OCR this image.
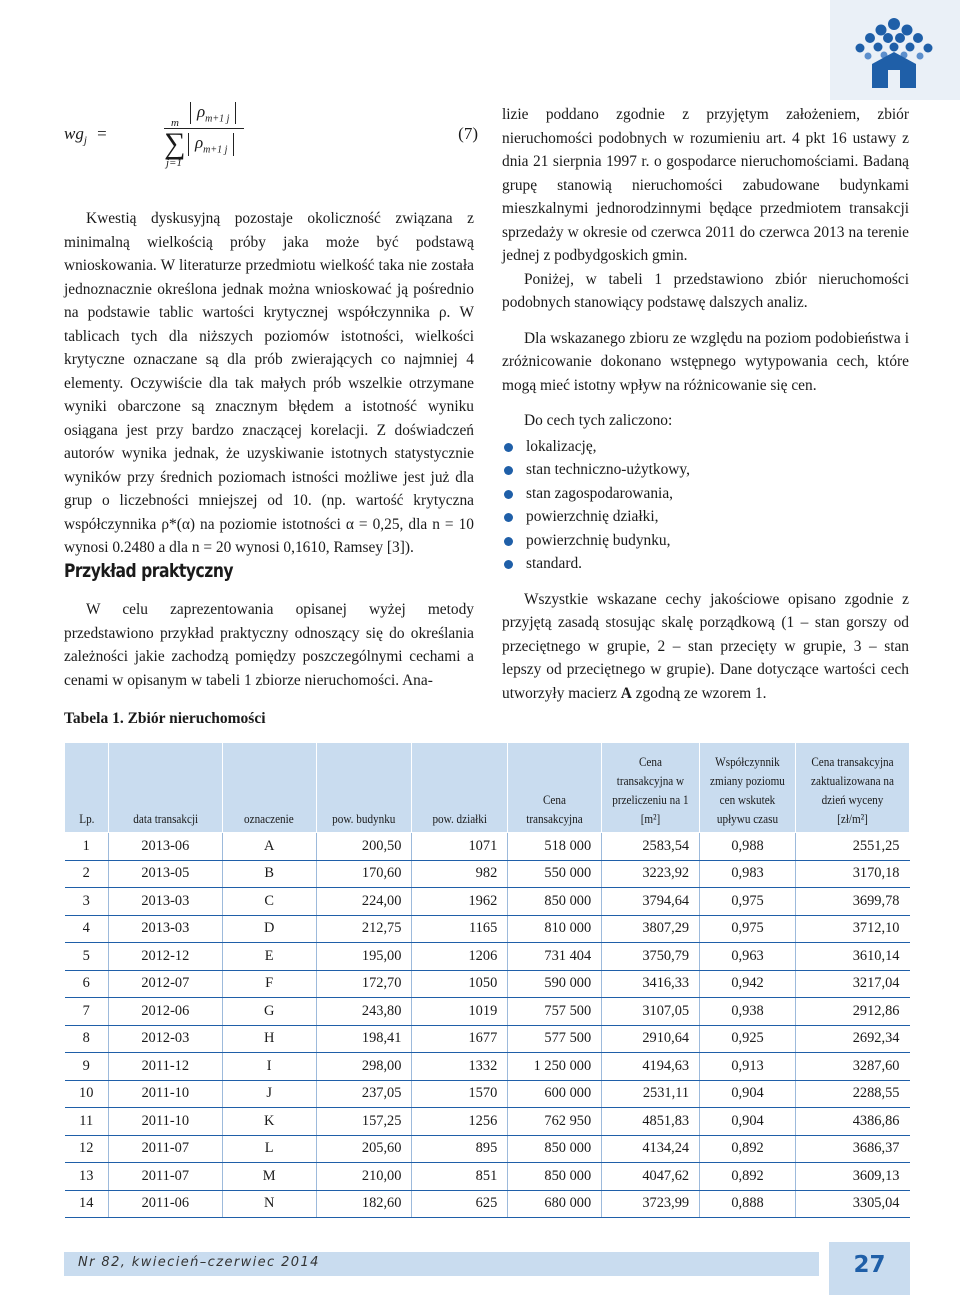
$wg_j$ =
$\rho_{m+1 j}$
∑ $\rho_{m+1 j}$
m
j=1
(7)

Kwestią dyskusyjną pozostaje okoliczność związana z minimalną wielkością próby jaka może być podstawą wnioskowania. W literaturze przedmiotu wielkość taka nie została jednoznacznie określona jednak można wnioskować ją pośrednio na podstawie tablic wartości krytycznej współczynnika ρ. W tablicach tych dla niższych poziomów istotności, wielkości krytyczne oznaczane są dla prób zwierających co najmniej 4 elementy. Oczywiście dla tak małych prób wszelkie otrzymane wyniki obarczone są znacznym błędem a istotność wyniku osiągana jest przy bardzo znaczącej korelacji. Z doświadczeń autorów wynika jednak, że uzyskiwanie istotnych statystycznie wyników przy średnich poziomach istności możliwe jest już dla grup o liczebności mniejszej od 10. (np. wartość krytyczna współczynnika ρ*(α) na poziomie istotności α = 0,25, dla n = 10 wynosi 0.2480 a dla n = 20 wynosi 0,1610, Ramsey [3]).

Przykład praktyczny

W celu zaprezentowania opisanej wyżej metody przedstawiono przykład praktyczny odnoszący się do określania zależności jakie zachodzą pomiędzy poszczególnymi cechami a cenami w opisanym w tabeli 1 zbiorze nieruchomości. Ana-

lizie poddano zgodnie z przyjętym założeniem, zbiór nieruchomości podobnych w rozumieniu art. 4 pkt 16 ustawy z dnia 21 sierpnia 1997 r. o gospodarce nieruchomościami. Badaną grupę stanowią nieruchomości zabudowane budynkami mieszkalnymi jednorodzinnymi będące przedmiotem transakcji sprzedaży w okresie od czerwca 2011 do czerwca 2013 na terenie jednej z podbydgoskich gmin.

Poniżej, w tabeli 1 przedstawiono zbiór nieruchomości podobnych stanowiący podstawę dalszych analiz.

Dla wskazanego zbioru ze względu na poziom podobieństwa i zróżnicowanie dokonano wstępnego wytypowania cech, które mogą mieć istotny wpływ na różnicowanie się cen.

Do cech tych zaliczono:

lokalizację,
stan techniczno-użytkowy,
stan zagospodarowania,
powierzchnię działki,
powierzchnię budynku,
standard.

Wszystkie wskazane cechy jakościowe opisano zgodnie z przyjętą zasadą stosując skalę porządkową (1 – stan gorszy od przeciętnego w grupie, 2 – stan przecięty w grupie, 3 – stan lepszy od przeciętnego w grupie). Dane dotyczące wartości cech utworzyły macierz A zgodną ze wzorem 1.

Tabela 1. Zbiór nieruchomości
Lp.	data transakcji	oznaczenie	pow. budynku	pow. działki	Cena transakcyjna	Cena transakcyjna w przeliczeniu na 1 [m²]	Współczynnik zmiany poziomu cen wskutek upływu czasu	Cena transakcyjna zaktualizowana na dzień wyceny [zł/m²]
1	2013-06	A	200,50	1071	518 000	2583,54	0,988	2551,25
2	2013-05	B	170,60	982	550 000	3223,92	0,983	3170,18
3	2013-03	C	224,00	1962	850 000	3794,64	0,975	3699,78
4	2013-03	D	212,75	1165	810 000	3807,29	0,975	3712,10
5	2012-12	E	195,00	1206	731 404	3750,79	0,963	3610,14
6	2012-07	F	172,70	1050	590 000	3416,33	0,942	3217,04
7	2012-06	G	243,80	1019	757 500	3107,05	0,938	2912,86
8	2012-03	H	198,41	1677	577 500	2910,64	0,925	2692,34
9	2011-12	I	298,00	1332	1 250 000	4194,63	0,913	3287,60
10	2011-10	J	237,05	1570	600 000	2531,11	0,904	2288,55
11	2011-10	K	157,25	1256	762 950	4851,83	0,904	4386,86
12	2011-07	L	205,60	895	850 000	4134,24	0,892	3686,37
13	2011-07	M	210,00	851	850 000	4047,62	0,892	3609,13
14	2011-06	N	182,60	625	680 000	3723,99	0,888	3305,04
Nr 82, kwiecień–czerwiec 2014	27
